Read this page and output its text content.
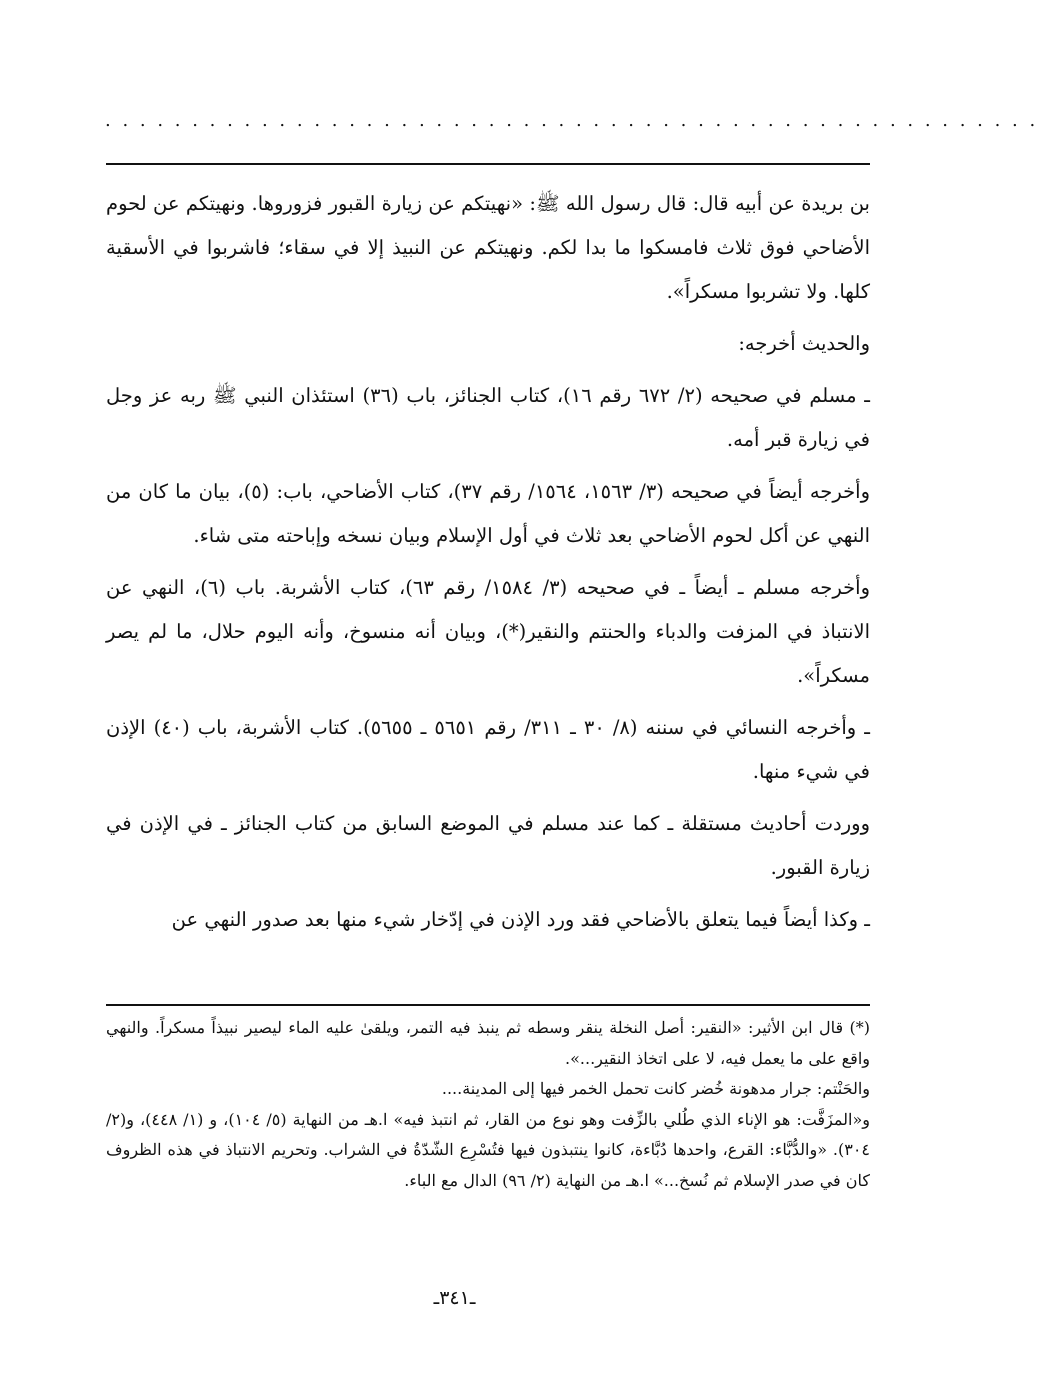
. . . . . . . . . . . . . . . . . . . . . . . . . . . . . . . . . . . . . . . . . . . . . . . . . . . . . .

بن بريدة عن أبيه قال: قال رسول الله ﷺ: «نهيتكم عن زيارة القبور فزوروها. ونهيتكم عن لحوم الأضاحي فوق ثلاث فامسكوا ما بدا لكم. ونهيتكم عن النبيذ إلا في سقاء؛ فاشربوا في الأسقية كلها. ولا تشربوا مسكراً».

والحديث أخرجه:

ـ مسلم في صحيحه (٢/ ٦٧٢ رقم ١٦)، كتاب الجنائز، باب (٣٦) استئذان النبي ﷺ ربه عز وجل في زيارة قبر أمه.

وأخرجه أيضاً في صحيحه (٣/ ١٥٦٣، ١٥٦٤/ رقم ٣٧)، كتاب الأضاحي، باب: (٥)، بيان ما كان من النهي عن أكل لحوم الأضاحي بعد ثلاث في أول الإسلام وبيان نسخه وإباحته متى شاء.

وأخرجه مسلم ـ أيضاً ـ في صحيحه (٣/ ١٥٨٤/ رقم ٦٣)، كتاب الأشربة. باب (٦)، النهي عن الانتباذ في المزفت والدباء والحنتم والنقير(*)، وبيان أنه منسوخ، وأنه اليوم حلال، ما لم يصر مسكراً».

ـ وأخرجه النسائي في سننه (٨/ ٣٠ ـ ٣١١/ رقم ٥٦٥١ ـ ٥٦٥٥). كتاب الأشربة، باب (٤٠) الإذن في شيء منها.

ووردت أحاديث مستقلة ـ كما عند مسلم في الموضع السابق من كتاب الجنائز ـ في الإذن في زيارة القبور.

ـ وكذا أيضاً فيما يتعلق بالأضاحي فقد ورد الإذن في إدّخار شيء منها بعد صدور النهي عن

(*) قال ابن الأثير: «النقير: أصل النخلة ينقر وسطه ثم ينبذ فيه التمر، ويلقىٰ عليه الماء ليصير نبيذاً مسكراً. والنهي واقع على ما يعمل فيه، لا على اتخاذ النقير...».

والحَنْتم: جرار مدهونة خُضر كانت تحمل الخمر فيها إلى المدينة....

و«المزَفَّت: هو الإناء الذي طُلي بالزِّفت وهو نوع من القار، ثم انتبذ فيه» ا.هـ من النهاية (٥/ ١٠٤)، و (١/ ٤٤٨)، و(٢/ ٣٠٤). «والدُّبَّاء: القرع، واحدها دُبَّاءة، كانوا ينتبذون فيها فتُسْرِع الشّدّةُ في الشراب. وتحريم الانتباذ في هذه الظروف كان في صدر الإسلام ثم نُسخ...» ا.هـ من النهاية (٢/ ٩٦) الدال مع الباء.

ـ٣٤١ـ
